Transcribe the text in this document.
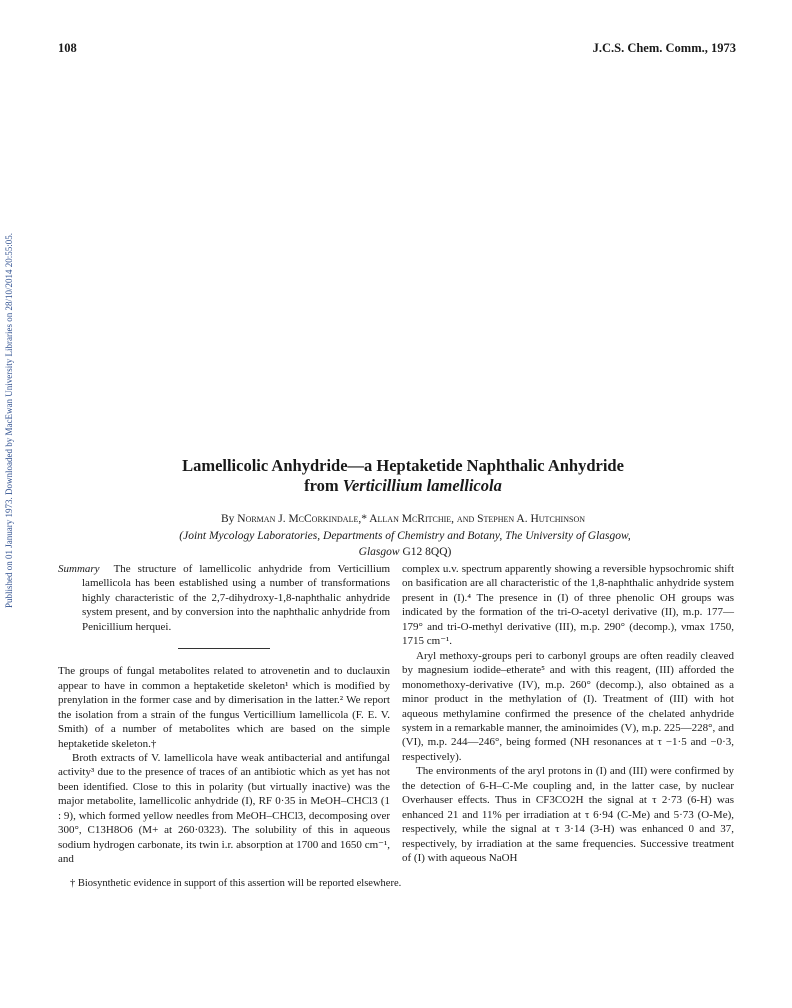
108	J.C.S. Chem. Comm., 1973
Published on 01 January 1973. Downloaded by MacEwan University Libraries on 28/10/2014 20:55:05.	Lamellicolic Anhydride—a Heptaketide Naphthalic Anhydride
from Verticillium lamellicola
By Norman J. McCorkindale,* Allan McRitchie, and Stephen A. Hutchinson
(Joint Mycology Laboratories, Departments of Chemistry and Botany, The University of Glasgow,
Glasgow G12 8QQ)

Summary The structure of lamellicolic anhydride from Verticillium lamellicola has been established using a number of transformations highly characteristic of the 2,7-dihydroxy-1,8-naphthalic anhydride system present, and by conversion into the naphthalic anhydride from Penicillium herquei.

The groups of fungal metabolites related to atrovenetin and to duclauxin appear to have in common a heptaketide skeleton¹ which is modified by prenylation in the former case and by dimerisation in the latter.² We report the isolation from a strain of the fungus Verticillium lamellicola (F. E. V. Smith) of a number of metabolites which are based on the simple heptaketide skeleton.†

Broth extracts of V. lamellicola have weak antibacterial and antifungal activity³ due to the presence of traces of an antibiotic which as yet has not been identified. Close to this in polarity (but virtually inactive) was the major metabolite, lamellicolic anhydride (I), RF 0·35 in MeOH–CHCl3 (1 : 9), which formed yellow needles from MeOH–CHCl3, decomposing over 300°, C13H8O6 (M+ at 260·0323). The solubility of this in aqueous sodium hydrogen carbonate, its twin i.r. absorption at 1700 and 1650 cm⁻¹, and

complex u.v. spectrum apparently showing a reversible hypsochromic shift on basification are all characteristic of the 1,8-naphthalic anhydride system present in (I).⁴ The presence in (I) of three phenolic OH groups was indicated by the formation of the tri-O-acetyl derivative (II), m.p. 177—179° and tri-O-methyl derivative (III), m.p. 290° (decomp.), νmax 1750, 1715 cm⁻¹.

Aryl methoxy-groups peri to carbonyl groups are often readily cleaved by magnesium iodide–etherate⁵ and with this reagent, (III) afforded the monomethoxy-derivative (IV), m.p. 260° (decomp.), also obtained as a minor product in the methylation of (I). Treatment of (III) with hot aqueous methylamine confirmed the presence of the chelated anhydride system in a remarkable manner, the aminoimides (V), m.p. 225—228°, and (VI), m.p. 244—246°, being formed (NH resonances at τ −1·5 and −0·3, respectively).

The environments of the aryl protons in (I) and (III) were confirmed by the detection of 6-H–C-Me coupling and, in the latter case, by nuclear Overhauser effects. Thus in CF3CO2H the signal at τ 2·73 (6-H) was enhanced 21 and 11% per irradiation at τ 6·94 (C-Me) and 5·73 (O-Me), respectively, while the signal at τ 3·14 (3-H) was enhanced 0 and 37, respectively, by irradiation at the same frequencies. Successive treatment of (I) with aqueous NaOH

† Biosynthetic evidence in support of this assertion will be reported elsewhere.
